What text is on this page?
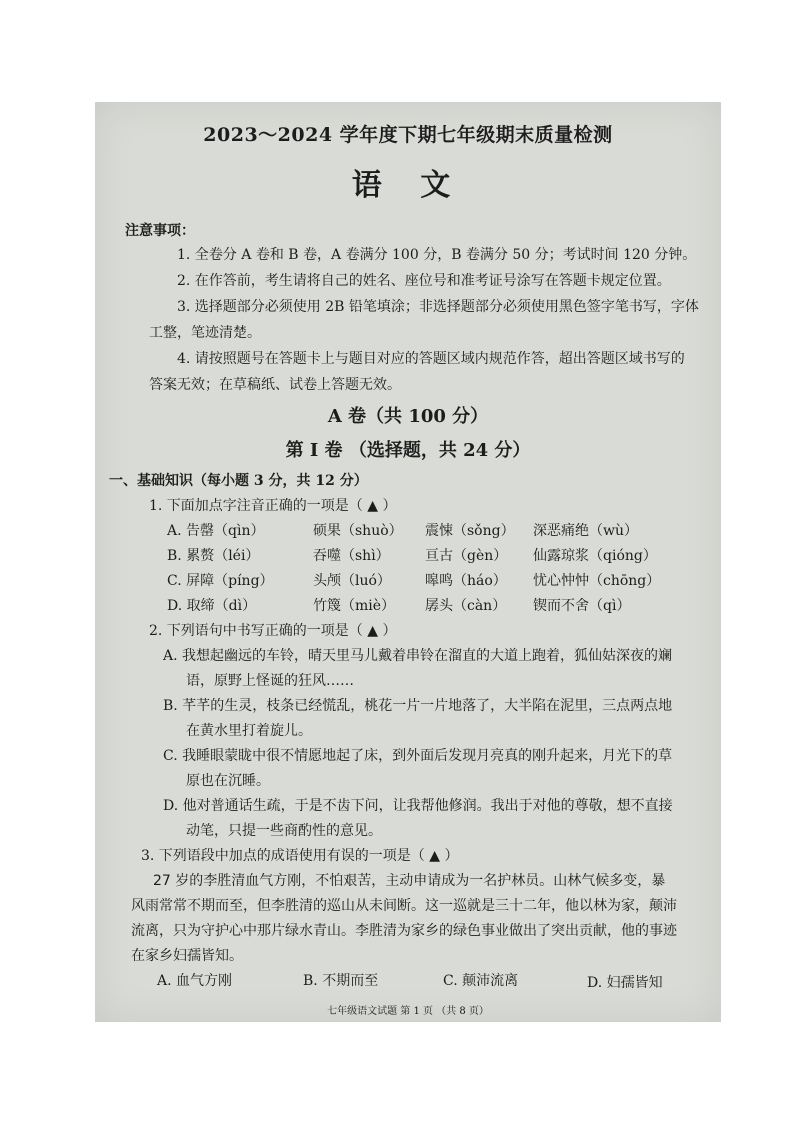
2023～2024 学年度下期七年级期末质量检测
语 文
注意事项：
1. 全卷分 A 卷和 B 卷，A 卷满分 100 分，B 卷满分 50 分；考试时间 120 分钟。
2. 在作答前，考生请将自己的姓名、座位号和准考证号涂写在答题卡规定位置。
3. 选择题部分必须使用 2B 铅笔填涂；非选择题部分必须使用黑色签字笔书写，字体
工整，笔迹清楚。
4. 请按照题号在答题卡上与题目对应的答题区域内规范作答，超出答题区域书写的
答案无效；在草稿纸、试卷上答题无效。
A 卷（共 100 分）
第 I 卷 （选择题，共 24 分）
一、基础知识（每小题 3 分，共 12 分）
1. 下面加点字注音正确的一项是（ ▲ ）
A. 告罄（qìn）	硕果（shuò） 震悚（sǒng） 深恶痛绝（wù）
B. 累赘（léi）	吞噬（shì）	亘古（gèn） 仙露琼浆（qióng）
C. 屏障（píng）	头颅（luó） 嗥鸣（háo） 忧心忡忡（chōng）
D. 取缔（dì）	竹篾（miè） 孱头（càn） 锲而不舍（qì）
2. 下列语句中书写正确的一项是（ ▲ ）
A. 我想起幽远的车铃，晴天里马儿戴着串铃在溜直的大道上跑着，狐仙姑深夜的斓
语，原野上怪诞的狂风……
B. 芊芊的生灵，枝条已经慌乱，桃花一片一片地落了，大半陷在泥里，三点两点地
在黄水里打着旋儿。
C. 我睡眼蒙眬中很不情愿地起了床，到外面后发现月亮真的刚升起来，月光下的草
原也在沉睡。
D. 他对普通话生疏，于是不齿下问，让我帮他修润。我出于对他的尊敬，想不直接
动笔，只提一些商酌性的意见。
3. 下列语段中加点的成语使用有误的一项是（ ▲ ）
27 岁的李胜清血气方刚，不怕艰苦，主动申请成为一名护林员。山林气候多变，暴
风雨常常不期而至，但李胜清的巡山从未间断。这一巡就是三十二年，他以林为家，颠沛
流离，只为守护心中那片绿水青山。李胜清为家乡的绿色事业做出了突出贡献，他的事迹
在家乡妇孺皆知。
A. 血气方刚	B. 不期而至	C. 颠沛流离	D. 妇孺皆知
七年级语文试题 第 1 页 （共 8 页）
